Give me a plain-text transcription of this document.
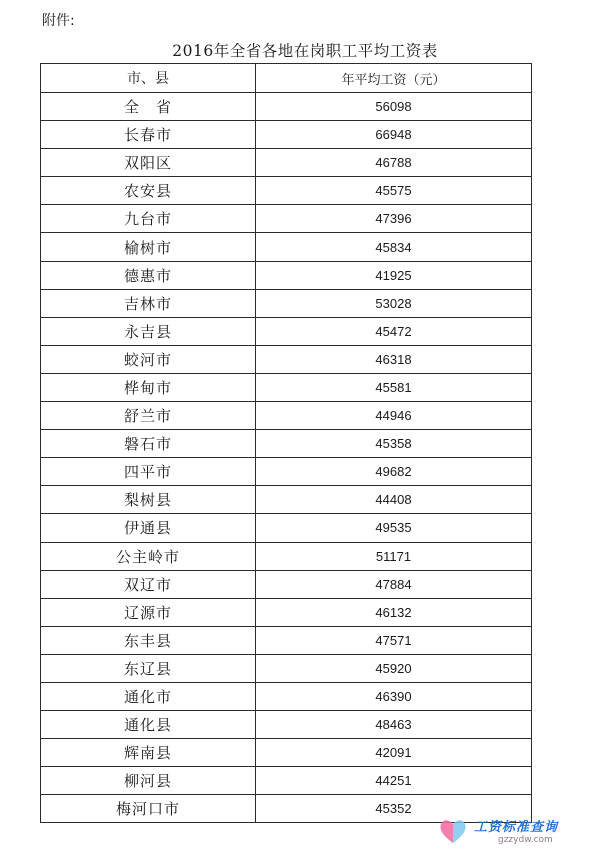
附件:
2016年全省各地在岗职工平均工资表
市、县	年平均工资（元）
全　省	56098
长春市	66948
双阳区	46788
农安县	45575
九台市	47396
榆树市	45834
德惠市	41925
吉林市	53028
永吉县	45472
蛟河市	46318
桦甸市	45581
舒兰市	44946
磐石市	45358
四平市	49682
梨树县	44408
伊通县	49535
公主岭市	51171
双辽市	47884
辽源市	46132
东丰县	47571
东辽县	45920
通化市	46390
通化县	48463
辉南县	42091
柳河县	44251
梅河口市	45352
工资标准查询
gzzydw.com
